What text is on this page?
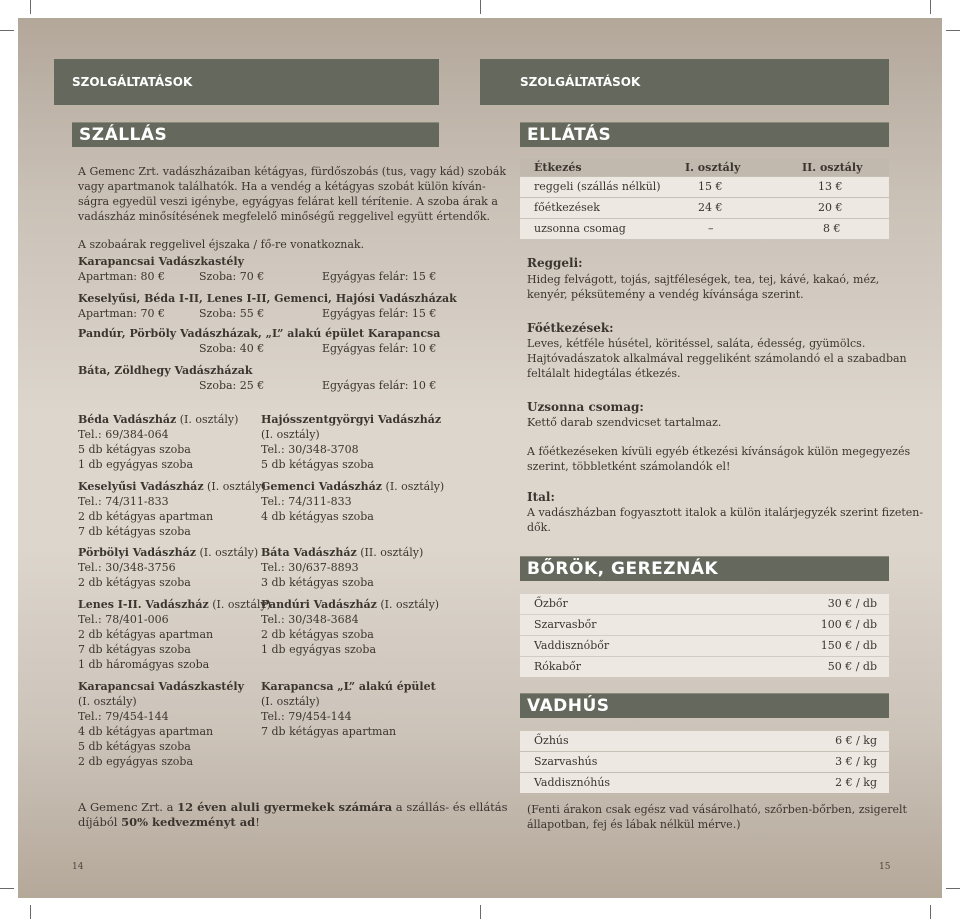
SZOLGÁLTATÁSOK
SZÁLLÁS
A Gemenc Zrt. vadászházaiban kétágyas, fürdőszobás (tus, vagy kád) szobák
vagy apartmanok találhatók. Ha a vendég a kétágyas szobát külön kíván-
ságra egyedül veszi igénybe, egyágyas felárat kell térítenie. A szoba árak a
vadászház minősítésének megfelelő minőségű reggelivel együtt értendők.
A szobaárak reggelivel éjszaka / fő-re vonatkoznak.
Karapancsai Vadászkastély
Apartman: 80 €	Szoba: 70 €	Egyágyas felár: 15 €
Keselyűsi, Béda I-II, Lenes I-II, Gemenci, Hajósi Vadászházak
Apartman: 70 €	Szoba: 55 €	Egyágyas felár: 15 €
Pandúr, Pörböly Vadászházak, „L” alakú épület Karapancsa
Szoba: 40 €	Egyágyas felár: 10 €
Báta, Zöldhegy Vadászházak
Szoba: 25 €	Egyágyas felár: 10 €
Béda Vadászház (I. osztály)
Tel.: 69/384-064
5 db kétágyas szoba
1 db egyágyas szoba
Keselyűsi Vadászház (I. osztály)
Tel.: 74/311-833
2 db kétágyas apartman
7 db kétágyas szoba
Pörbölyi Vadászház (I. osztály)
Tel.: 30/348-3756
2 db kétágyas szoba
Lenes I-II. Vadászház (I. osztály)
Tel.: 78/401-006
2 db kétágyas apartman
7 db kétágyas szoba
1 db háromágyas szoba
Karapancsai Vadászkastély
(I. osztály)
Tel.: 79/454-144
4 db kétágyas apartman
5 db kétágyas szoba
2 db egyágyas szoba
Hajósszentgyörgyi Vadászház
(I. osztály)
Tel.: 30/348-3708
5 db kétágyas szoba
Gemenci Vadászház (I. osztály)
Tel.: 74/311-833
4 db kétágyas szoba
Báta Vadászház (II. osztály)
Tel.: 30/637-8893
3 db kétágyas szoba
Pandúri Vadászház (I. osztály)
Tel.: 30/348-3684
2 db kétágyas szoba
1 db egyágyas szoba
Karapancsa „L” alakú épület
(I. osztály)
Tel.: 79/454-144
7 db kétágyas apartman
A Gemenc Zrt. a 12 éven aluli gyermekek számára a szállás- és ellátás
díjából 50% kedvezményt ad!
14
SZOLGÁLTATÁSOK
ELLÁTÁS
Étkezés	I. osztály	II. osztály
reggeli (szállás nélkül)	15 €	13 €
főétkezések	24 €	20 €
uzsonna csomag	–	8 €
Reggeli:
Hideg felvágott, tojás, sajtféleségek, tea, tej, kávé, kakaó, méz,
kenyér, péksütemény a vendég kívánsága szerint.
Főétkezések:
Leves, kétféle húsétel, köritéssel, saláta, édesség, gyümölcs.
Hajtóvadászatok alkalmával reggeliként számolandó el a szabadban
feltálalt hidegtálas étkezés.
Uzsonna csomag:
Kettő darab szendvicset tartalmaz.
A főétkezéseken kívüli egyéb étkezési kívánságok külön megegyezés
szerint, többletként számolandók el!
Ital:
A vadászházban fogyasztott italok a külön italárjegyzék szerint fizeten-
dők.
BŐRÖK, GEREZNÁK
Őzbőr	30 € / db
Szarvasbőr	100 € / db
Vaddisznóbőr	150 € / db
Rókabőr	50 € / db
VADHÚS
Őzhús	6 € / kg
Szarvashús	3 € / kg
Vaddisznóhús	2 € / kg
(Fenti árakon csak egész vad vásárolható, szőrben-bőrben, zsigerelt
állapotban, fej és lábak nélkül mérve.)
15
